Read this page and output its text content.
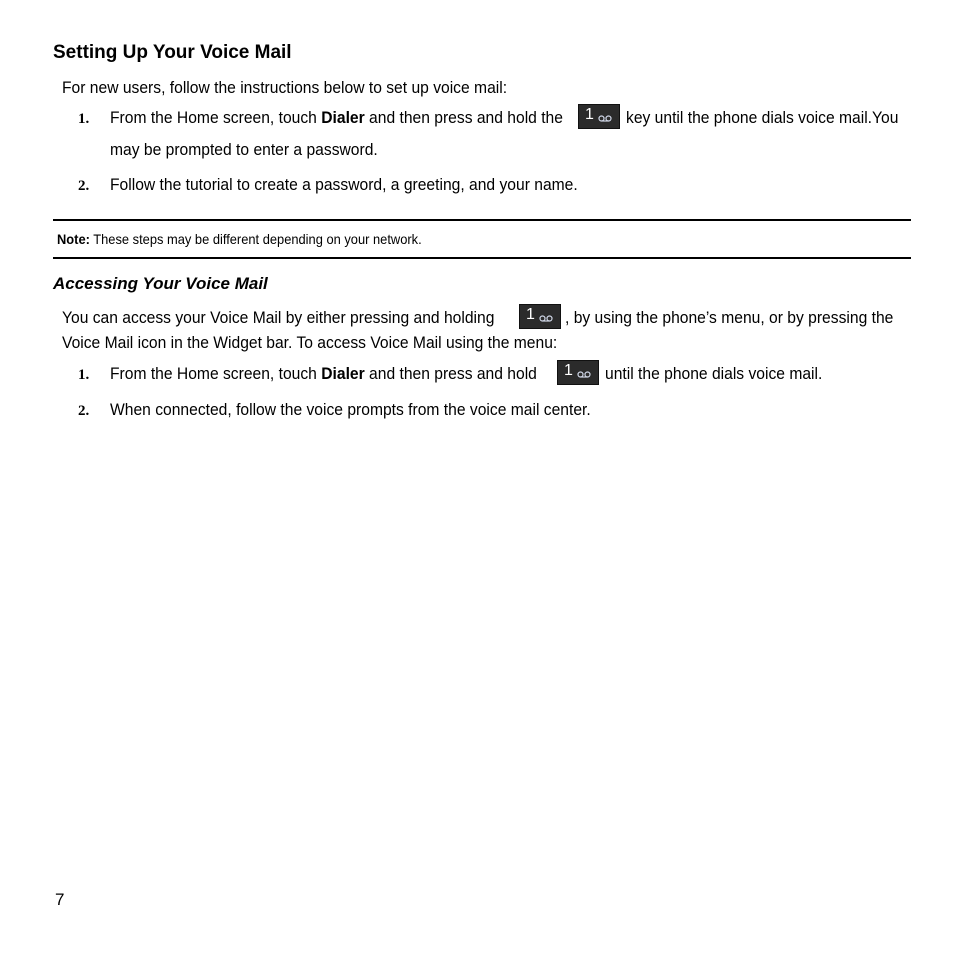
Setting Up Your Voice Mail
For new users, follow the instructions below to set up voice mail:
1. From the Home screen, touch Dialer and then press and hold the 1 key until the phone dials voice mail.You
may be prompted to enter a password.
2. Follow the tutorial to create a password, a greeting, and your name.
Note: These steps may be different depending on your network.
Accessing Your Voice Mail
You can access your Voice Mail by either pressing and holding 1 , by using the phone’s menu, or by pressing the
Voice Mail icon in the Widget bar. To access Voice Mail using the menu:
1. From the Home screen, touch Dialer and then press and hold 1 until the phone dials voice mail.
2. When connected, follow the voice prompts from the voice mail center.
7
